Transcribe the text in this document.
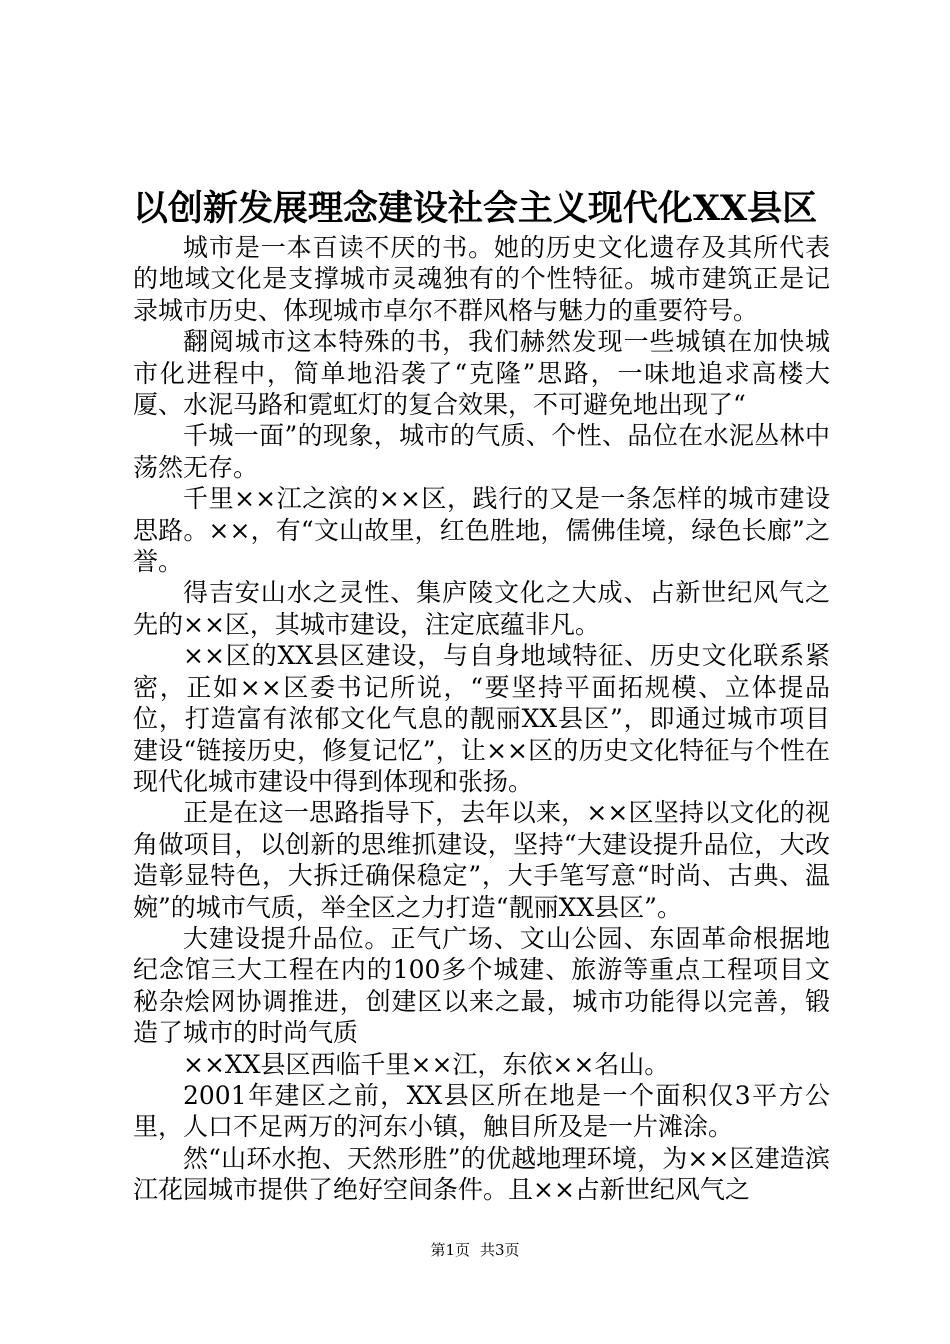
以创新发展理念建设社会主义现代化XX县区

城市是一本百读不厌的书。她的历史文化遗存及其所代表的地域文化是支撑城市灵魂独有的个性特征。城市建筑正是记录城市历史、体现城市卓尔不群风格与魅力的重要符号。

翻阅城市这本特殊的书，我们赫然发现一些城镇在加快城市化进程中，简单地沿袭了“克隆”思路，一味地追求高楼大厦、水泥马路和霓虹灯的复合效果，不可避免地出现了“

千城一面”的现象，城市的气质、个性、品位在水泥丛林中荡然无存。

千里××江之滨的××区，践行的又是一条怎样的城市建设思路。××，有“文山故里，红色胜地，儒佛佳境，绿色长廊”之誉。

得吉安山水之灵性、集庐陵文化之大成、占新世纪风气之先的××区，其城市建设，注定底蕴非凡。

××区的XX县区建设，与自身地域特征、历史文化联系紧密，正如××区委书记所说，“要坚持平面拓规模、立体提品位，打造富有浓郁文化气息的靓丽XX县区”，即通过城市项目建设“链接历史，修复记忆”，让××区的历史文化特征与个性在现代化城市建设中得到体现和张扬。

正是在这一思路指导下，去年以来，××区坚持以文化的视角做项目，以创新的思维抓建设，坚持“大建设提升品位，大改造彰显特色，大拆迁确保稳定”，大手笔写意“时尚、古典、温婉”的城市气质，举全区之力打造“靓丽XX县区”。

大建设提升品位。正气广场、文山公园、东固革命根据地纪念馆三大工程在内的100多个城建、旅游等重点工程项目文秘杂烩网协调推进，创建区以来之最，城市功能得以完善，锻造了城市的时尚气质

××XX县区西临千里××江，东依××名山。

2001年建区之前，XX县区所在地是一个面积仅3平方公里，人口不足两万的河东小镇，触目所及是一片滩涂。

然“山环水抱、天然形胜”的优越地理环境，为××区建造滨江花园城市提供了绝好空间条件。且××占新世纪风气之

第1页 共3页
